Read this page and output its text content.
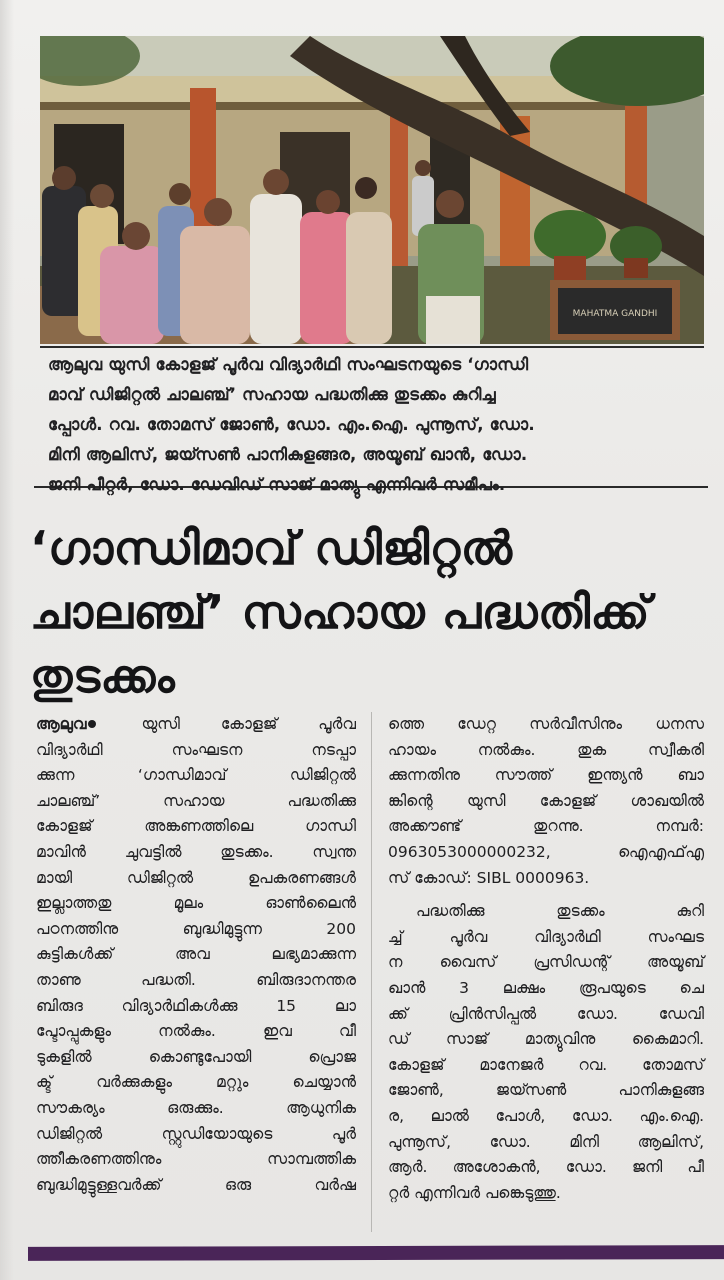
MAHATMA GANDHI

ആലുവ യുസി കോളജ് പൂർവ വിദ്യാർഥി സംഘടനയുടെ ‘ഗാന്ധി

മാവ് ഡിജിറ്റൽ ചാലഞ്ച്’ സഹായ പദ്ധതിക്കു തുടക്കം കുറിച്ച

പ്പോൾ. റവ. തോമസ് ജോൺ, ഡോ. എം.ഐ. പുന്നൂസ്, ഡോ.

മിനി ആലിസ്, ജയ്സൺ പാനികുളങ്ങര, അയൂബ് ഖാൻ, ഡോ.

ജനി പീറ്റർ, ഡോ. ഡേവിഡ് സാജ് മാത്യു എന്നിവർ സമീപം.

‘ഗാന്ധിമാവ് ഡിജിറ്റൽ

ചാലഞ്ച്’ സഹായ പദ്ധതിക്ക്

തുടക്കം

ആലുവ	യുസി കോളജ് പൂർവ

വിദ്യാർഥി സംഘടന നടപ്പാ

ക്കുന്ന ‘ഗാന്ധിമാവ് ഡിജിറ്റൽ

ചാലഞ്ച്’ സഹായ പദ്ധതിക്കു

കോളജ് അങ്കണത്തിലെ ഗാന്ധി

മാവിൻ ചുവട്ടിൽ തുടക്കം. സ്വന്ത

മായി ഡിജിറ്റൽ ഉപകരണങ്ങൾ

ഇല്ലാത്തതു മൂലം ഓൺലൈൻ

പഠനത്തിനു ബുദ്ധിമുട്ടുന്ന 200

കുട്ടികൾക്ക് അവ ലഭ്യമാക്കുന്ന

താണു പദ്ധതി. ബിരുദാനന്തര

ബിരുദ വിദ്യാർഥികൾക്കു 15 ലാ

പ്ടോപ്പുകളും നൽകും. ഇവ വീ

ടുകളിൽ കൊണ്ടുപോയി പ്രൊജ

ക്ട് വർക്കുകളും മറ്റും ചെയ്യാൻ

സൗകര്യം ഒരുക്കും. ആധുനിക

ഡിജിറ്റൽ സ്റ്റുഡിയോയുടെ പൂർ

ത്തീകരണത്തിനും സാമ്പത്തിക

ബുദ്ധിമുട്ടുള്ളവർക്ക് ഒരു വർഷ

ത്തെ ഡേറ്റ സർവീസിനും ധനസ

ഹായം നൽകും. തുക സ്വീകരി

ക്കുന്നതിനു സൗത്ത് ഇന്ത്യൻ ബാ

ങ്കിന്റെ യുസി കോളജ് ശാഖയിൽ

അക്കൗണ്ട് തുറന്നു. നമ്പർ:

0963053000000232, ഐഎഫ്എ

സ് കോഡ്: SIBL 0000963.

പദ്ധതിക്കു തുടക്കം കുറി

ച്ച് പൂർവ വിദ്യാർഥി സംഘട

ന വൈസ് പ്രസിഡന്റ് അയൂബ്

ഖാൻ 3 ലക്ഷം രൂപയുടെ ചെ

ക്ക് പ്രിൻസിപ്പൽ ഡോ. ഡേവി

ഡ് സാജ് മാത്യുവിനു കൈമാറി.

കോളജ് മാനേജർ റവ. തോമസ്

ജോൺ, ജയ്സൺ പാനികുളങ്ങ

ര, ലാൽ പോൾ, ഡോ. എം.ഐ.

പുന്നൂസ്, ഡോ. മിനി ആലിസ്,

ആർ. അശോകൻ, ഡോ. ജനി പീ

റ്റർ എന്നിവർ പങ്കെടുത്തു.
